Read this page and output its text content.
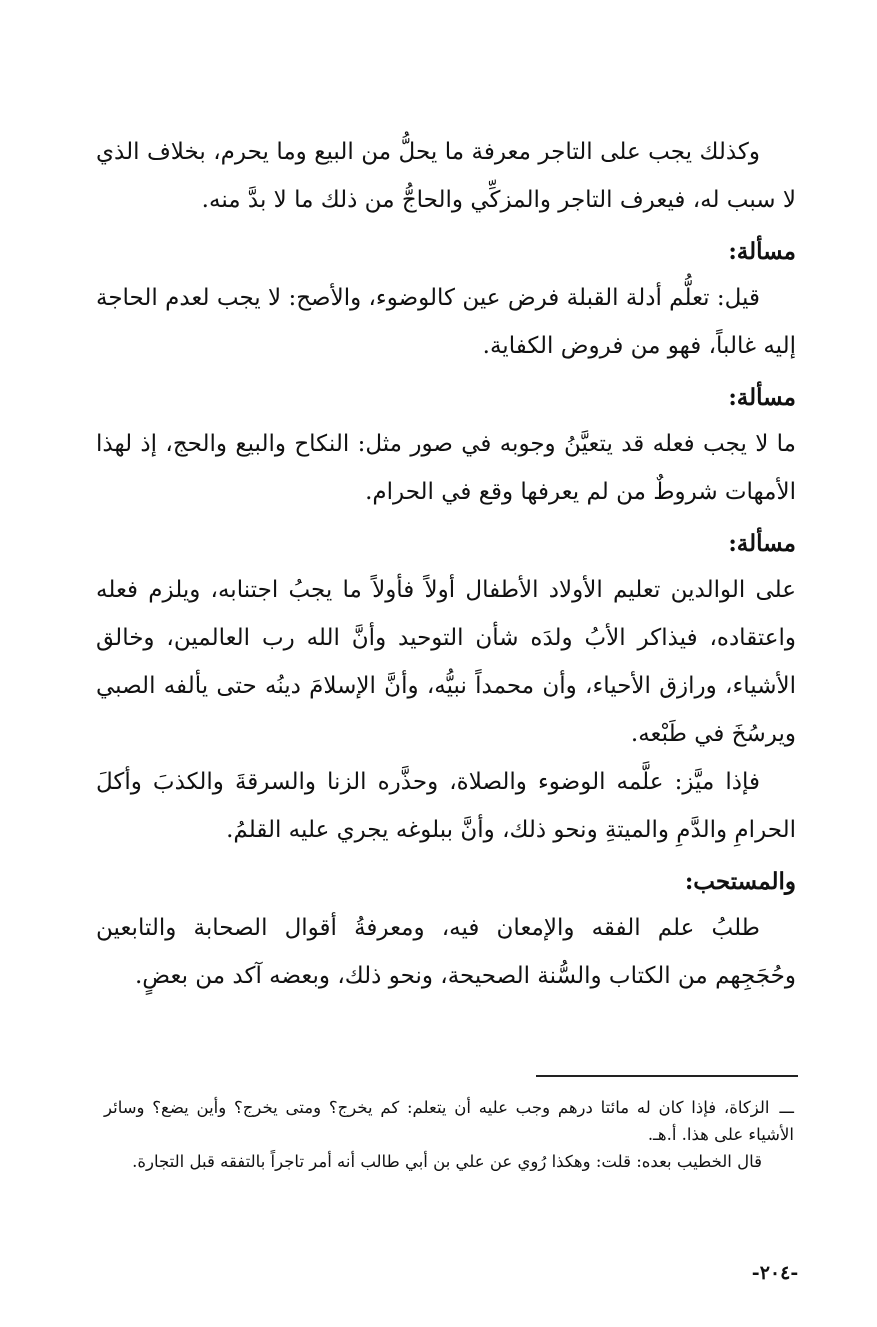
وكذلك يجب على التاجر معرفة ما يحلُّ من البيع وما يحرم، بخلاف الذي لا سبب له، فيعرف التاجر والمزكِّي والحاجُّ من ذلك ما لا بدَّ منه.

مسألة:

قيل: تعلُّم أدلة القبلة فرض عين كالوضوء، والأصح: لا يجب لعدم الحاجة إليه غالباً، فهو من فروض الكفاية.

مسألة:

ما لا يجب فعله قد يتعيَّنُ وجوبه في صور مثل: النكاح والبيع والحج، إذ لهذا الأمهات شروطٌ من لم يعرفها وقع في الحرام.

مسألة:

على الوالدين تعليم الأولاد الأطفال أولاً فأولاً ما يجبُ اجتنابه، ويلزم فعله واعتقاده، فيذاكر الأبُ ولدَه شأن التوحيد وأنَّ الله رب العالمين، وخالق الأشياء، ورازق الأحياء، وأن محمداً نبيُّه، وأنَّ الإسلامَ دينُه حتى يألفه الصبي ويرسُخَ في طَبْعه.

فإذا ميَّز: علَّمه الوضوء والصلاة، وحذَّره الزنا والسرقةَ والكذبَ وأكلَ الحرامِ والدَّمِ والميتةِ ونحو ذلك، وأنَّ ببلوغه يجري عليه القلمُ.

والمستحب:

طلبُ علم الفقه والإمعان فيه، ومعرفةُ أقوال الصحابة والتابعين وحُجَجِهم من الكتاب والسُّنة الصحيحة، ونحو ذلك، وبعضه آكد من بعضٍ.

ـــالزكاة، فإذا كان له مائتا درهم وجب عليه أن يتعلم: كم يخرج؟ ومتى يخرج؟ وأين يضع؟ وسائر الأشياء على هذا. أ.هـ.

قال الخطيب بعده: قلت: وهكذا رُوي عن علي بن أبي طالب أنه أمر تاجراً بالتفقه قبل التجارة.

-٢٠٤-
